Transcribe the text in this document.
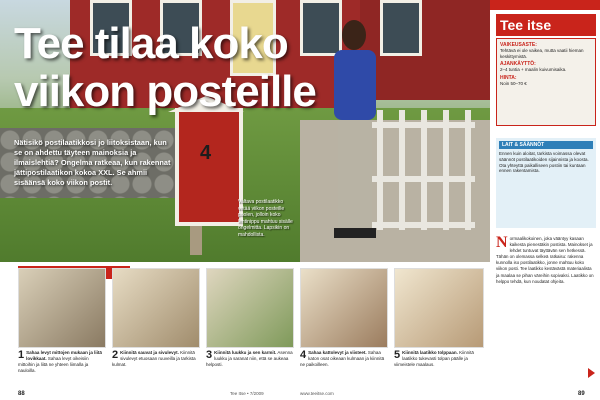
4
Tee tilaa koko
viikon posteille

Nätisikö postilaatikkosi jo liitoksistaan, kun se on ahdettu täyteen mainoksia ja ilmaislehtiä? Ongelma ratkeaa, kun rakennat jättipostilaatikon kokoa XXL. Se ahmii sisäänsä koko viikon postit.

Valtava postilaatikko vetää viikon posteille puolen, jolloin koko lehtinippu mahtuu sisälle ongelmitta. Lapsikin on mahdollista.

Tee itse
VAIKEUSASTE:
Tehtävä ei ole vaikea, mutta vaatii hieman keskittymistä.
AJANKÄYTTÖ:
2–4 tuntia + maalin kuivumisaika.
HINTA:
Noin 50–70 €
LAIT & SÄÄNNÖT
Ennen kuin aloitat, tarkista voimassa olevat säännöt postilaatikoiden sijainnista ja koosta. Ota yhteyttä paikalliseen postiin tai kuntaan ennen rakentamista.

N ormaalikokoinen, joka vääntyy kasaan kaikesta pienestäkin postista. Mainokset ja lehdet tuntuvat täyttävän sen hetkessä. Tähän on olemassa selkeä ratkaisu: rakenna kunnolla iso postilaatikko, jonne mahtuu koko viikon posti. Tee laatikko kestävästä materiaalista ja maalaa se pihan väreihin sopivaksi. Laatikko on helppo tehdä, kun noudatat ohjeita.

1 Sahaa levyt mittojen mukaan ja liitä lovikkaat. Sahaa levyt oikeisiin mittoihin ja liitä ne yhteen liimalla ja nauloilla.

2 Kiinnitä sauvat ja sivulevyt. Kiinnitä sivulevyt etuosaan ruuveilla ja tarkista kulmat.

3 Kiinnitä luukku ja sen karmit. Asenna luukku ja saranat niin, että se aukeaa helposti.

4 Sahaa kattolevyt ja viisteet. Sahaa katon osat oikeaan kulmaan ja kiinnitä ne paikoilleen.

5 Kiinnitä laatikko tolppaan. Kiinnitä laatikko tukevasti tolpan päälle ja viimeistele maalaus.

88	Tee Itse • 7/2009	www.teeitse.com	89
